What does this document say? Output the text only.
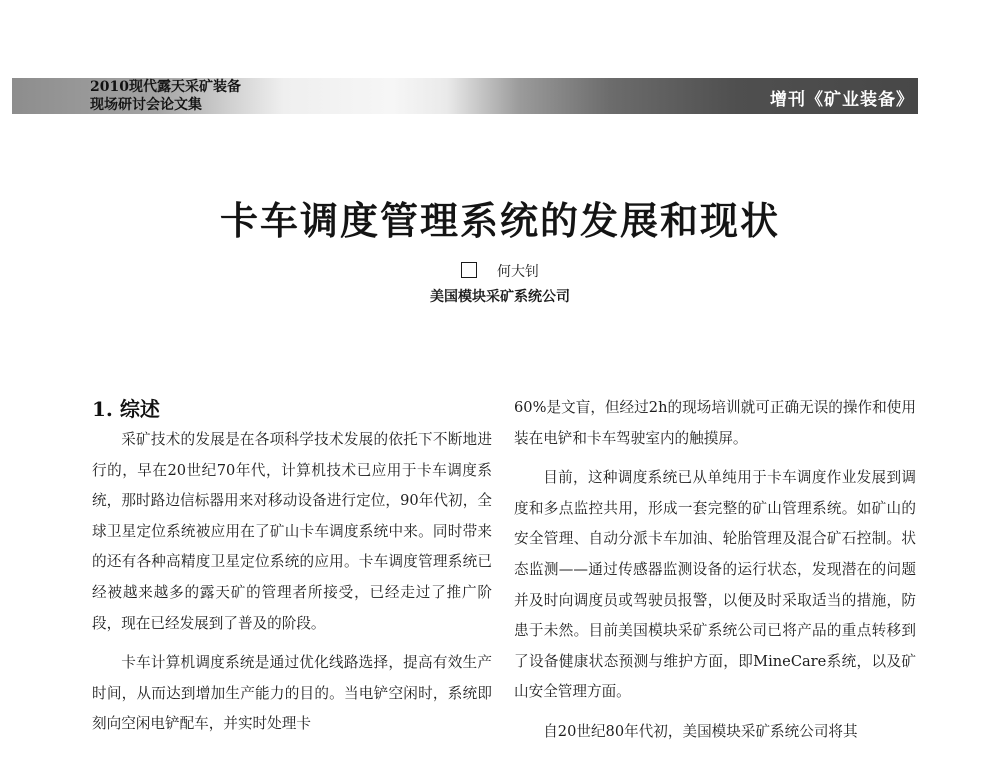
2010现代露天采矿装备
现场研讨会论文集	增刊《矿业装备》
卡车调度管理系统的发展和现状
何大钊
美国模块采矿系统公司
1. 综述

采矿技术的发展是在各项科学技术发展的依托下不断地进行的，早在20世纪70年代，计算机技术已应用于卡车调度系统，那时路边信标器用来对移动设备进行定位，90年代初，全球卫星定位系统被应用在了矿山卡车调度系统中来。同时带来的还有各种高精度卫星定位系统的应用。卡车调度管理系统已经被越来越多的露天矿的管理者所接受，已经走过了推广阶段，现在已经发展到了普及的阶段。

卡车计算机调度系统是通过优化线路选择，提高有效生产时间，从而达到增加生产能力的目的。当电铲空闲时，系统即刻向空闲电铲配车，并实时处理卡

60%是文盲，但经过2h的现场培训就可正确无误的操作和使用装在电铲和卡车驾驶室内的触摸屏。

目前，这种调度系统已从单纯用于卡车调度作业发展到调度和多点监控共用，形成一套完整的矿山管理系统。如矿山的安全管理、自动分派卡车加油、轮胎管理及混合矿石控制。状态监测——通过传感器监测设备的运行状态，发现潜在的问题并及时向调度员或驾驶员报警，以便及时采取适当的措施，防患于未然。目前美国模块采矿系统公司已将产品的重点转移到了设备健康状态预测与维护方面，即MineCare系统，以及矿山安全管理方面。

自20世纪80年代初，美国模块采矿系统公司将其
